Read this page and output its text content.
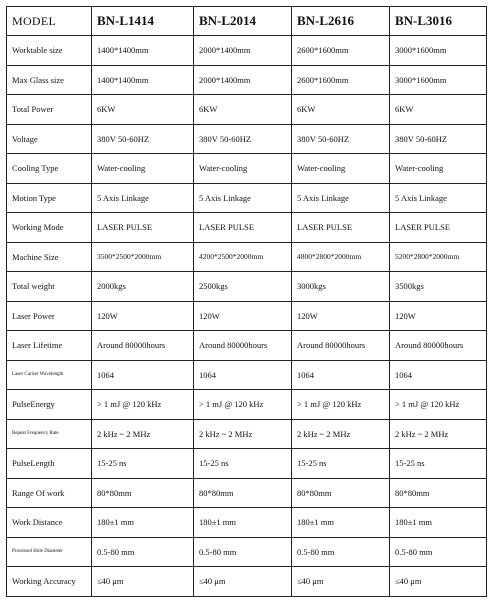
MODEL	BN-L1414	BN-L2014	BN-L2616	BN-L3016
Worktable size	1400*1400mm	2000*1400mm	2600*1600mm	3000*1600mm
Max Glass size	1400*1400mm	2000*1400mm	2600*1600mm	3000*1600mm
Total Power	6KW	6KW	6KW	6KW
Voltage	380V 50-60HZ	380V 50-60HZ	380V 50-60HZ	380V 50-60HZ
Cooling Type	Water-cooling	Water-cooling	Water-cooling	Water-cooling
Motion Type	5 Axis Linkage	5 Axis Linkage	5 Axis Linkage	5 Axis Linkage
Working Mode	LASER PULSE	LASER PULSE	LASER PULSE	LASER PULSE
Machine Size	3500*2500*2000mm	4200*2500*2000mm	4800*2800*2000mm	5200*2800*2000mm
Total weight	2000kgs	2500kgs	3000kgs	3500kgs
Laser Power	120W	120W	120W	120W
Laser Lifetime	Around 80000hours	Around 80000hours	Around 80000hours	Around 80000hours
Laser Carrier Wavelength	1064	1064	1064	1064
PulseEnergy	> 1 mJ @ 120 kHz	> 1 mJ @ 120 kHz	> 1 mJ @ 120 kHz	> 1 mJ @ 120 kHz
Repeat Frequency Rate	2 kHz ~ 2 MHz	2 kHz ~ 2 MHz	2 kHz ~ 2 MHz	2 kHz ~ 2 MHz
PulseLength	15-25 ns	15-25 ns	15-25 ns	15-25 ns
Range Of work	80*80mm	80*80mm	80*80mm	80*80mm
Work Distance	180±1 mm	180±1 mm	180±1 mm	180±1 mm
Processed Hole Diameter	0.5-80 mm	0.5-80 mm	0.5-80 mm	0.5-80 mm
Working Accuracy	≤40 μm	≤40 μm	≤40 μm	≤40 μm
